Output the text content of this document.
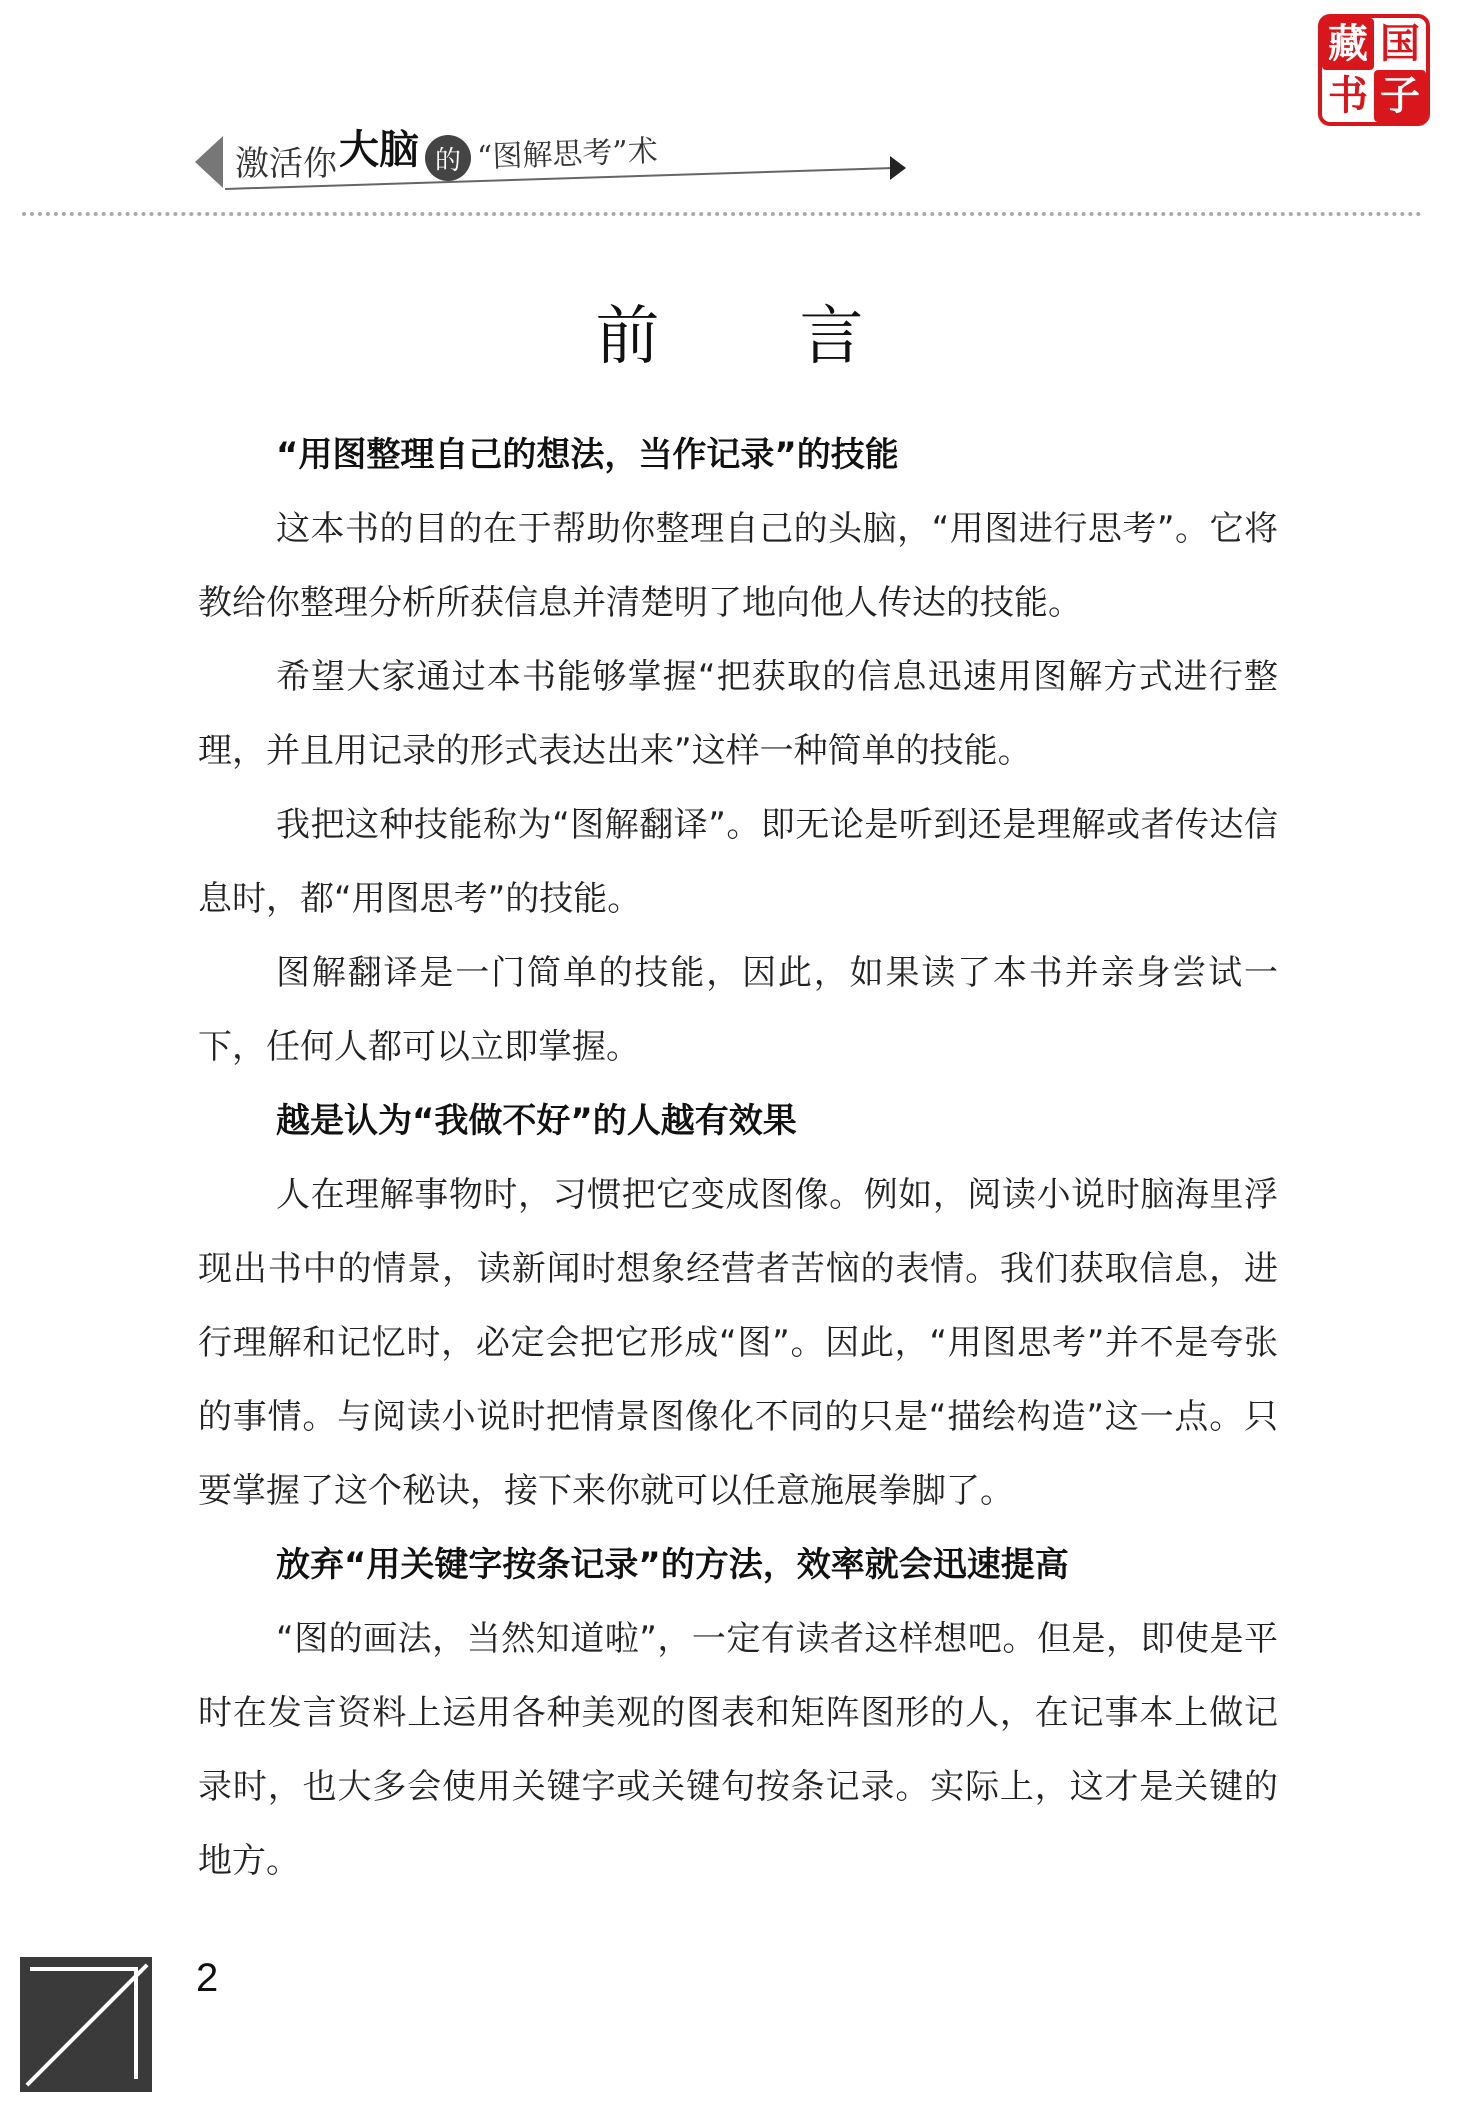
激活你 大脑 的 “图解思考”术
藏 国
书 子
前言
“用图整理自己的想法，当作记录”的技能

这本书的目的在于帮助你整理自己的头脑，“用图进行思考”。它将教给你整理分析所获信息并清楚明了地向他人传达的技能。

希望大家通过本书能够掌握“把获取的信息迅速用图解方式进行整理，并且用记录的形式表达出来”这样一种简单的技能。

我把这种技能称为“图解翻译”。即无论是听到还是理解或者传达信息时，都“用图思考”的技能。

图解翻译是一门简单的技能，因此，如果读了本书并亲身尝试一下，任何人都可以立即掌握。

越是认为“我做不好”的人越有效果

人在理解事物时，习惯把它变成图像。例如，阅读小说时脑海里浮现出书中的情景，读新闻时想象经营者苦恼的表情。我们获取信息，进行理解和记忆时，必定会把它形成“图”。因此，“用图思考”并不是夸张的事情。与阅读小说时把情景图像化不同的只是“描绘构造”这一点。只要掌握了这个秘诀，接下来你就可以任意施展拳脚了。

放弃“用关键字按条记录”的方法，效率就会迅速提高

“图的画法，当然知道啦”，一定有读者这样想吧。但是，即使是平时在发言资料上运用各种美观的图表和矩阵图形的人，在记事本上做记录时，也大多会使用关键字或关键句按条记录。实际上，这才是关键的地方。

2
